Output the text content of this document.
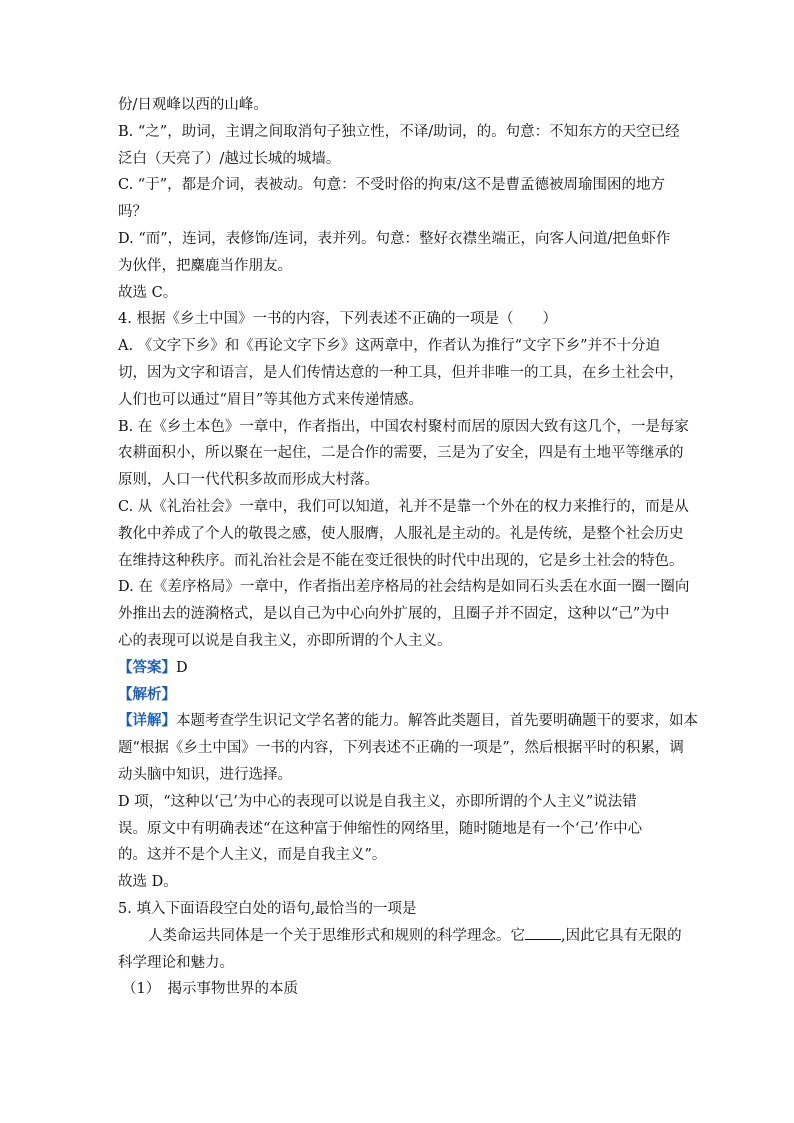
份/日观峰以西的山峰。
B. “之”，助词，主谓之间取消句子独立性，不译/助词，的。句意：不知东方的天空已经
泛白（天亮了）/越过长城的城墙。
C. “于”，都是介词，表被动。句意：不受时俗的拘束/这不是曹孟德被周瑜围困的地方
吗？
D. “而”，连词，表修饰/连词，表并列。句意：整好衣襟坐端正，向客人问道/把鱼虾作
为伙伴，把麋鹿当作朋友。
故选 C。
4. 根据《乡土中国》一书的内容，下列表述不正确的一项是（　　）
A. 《文字下乡》和《再论文字下乡》这两章中，作者认为推行“文字下乡”并不十分迫
切，因为文字和语言，是人们传情达意的一种工具，但并非唯一的工具，在乡土社会中，
人们也可以通过“眉目”等其他方式来传递情感。
B. 在《乡土本色》一章中，作者指出，中国农村聚村而居的原因大致有这几个，一是每家
农耕面积小，所以聚在一起住，二是合作的需要，三是为了安全，四是有土地平等继承的
原则，人口一代代积多故而形成大村落。
C. 从《礼治社会》一章中，我们可以知道，礼并不是靠一个外在的权力来推行的，而是从
教化中养成了个人的敬畏之感，使人服膺，人服礼是主动的。礼是传统，是整个社会历史
在维持这种秩序。而礼治社会是不能在变迁很快的时代中出现的，它是乡土社会的特色。
D. 在《差序格局》一章中，作者指出差序格局的社会结构是如同石头丢在水面一圈一圈向
外推出去的涟漪格式，是以自己为中心向外扩展的，且圈子并不固定，这种以“己”为中
心的表现可以说是自我主义，亦即所谓的个人主义。
【答案】D
【解析】
【详解】本题考查学生识记文学名著的能力。解答此类题目，首先要明确题干的要求，如本
题“根据《乡土中国》一书的内容，下列表述不正确的一项是”，然后根据平时的积累，调
动头脑中知识，进行选择。
D 项，“这种以‘己’为中心的表现可以说是自我主义，亦即所谓的个人主义”说法错
误。原文中有明确表述“在这种富于伸缩性的网络里，随时随地是有一个‘己’作中心
的。这并不是个人主义，而是自我主义”。
故选 D。
5. 填入下面语段空白处的语句,最恰当的一项是
人类命运共同体是一个关于思维形式和规则的科学理念。它 ,因此它具有无限的
科学理论和魅力。
（1）　揭示事物世界的本质
